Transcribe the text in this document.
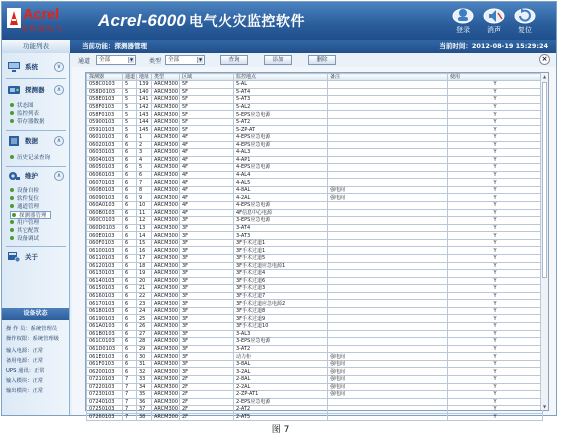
Acrel
安科瑞电气 Acrel-6000 电气火灾监控软件	登录	消声	复位
功能列表	当前功能：探测器管理	当前时间：2012-08-19 15:29:24
系统	∨
探测器	∧
状态图
监控列表
带存器数据
数据	∧
历史记录查询
维护	∧
设备自检
软件复位
通道管理
探测器管理
用户管理
其它配置
设备调试
关于
设备状态
操 作 员：系统管理员
操作权限：系统管理级
输入电源：正常
备用电源：正常
UPS 通讯：正常
输入模块：正常
输出模块：正常
通道	全部	▼	类型	全部	▼	查询	添加	删除	×
探测器	通道	地址	类型	区域	监控地点	备注	使用
058C0103	5	139	ARCM300	5F	5-AL		Y
058D0103	5	140	ARCM300	5F	5-AT4		Y
058E0103	5	141	ARCM300	5F	5-AT3		Y
058F0103	5	142	ARCM300	5F	5-AL2		Y
058F0103	5	143	ARCM300	5F	5-EPS应急电源		Y
05900103	5	144	ARCM300	5F	5-AT2		Y
05910103	5	145	ARCM300	5F	5-ZP-AT		Y
06010103	6	1	ARCM300	4F	4-EPS应急电源		Y
06020103	6	2	ARCM300	4F	4-EPS应急电源		Y
06030103	6	3	ARCM300	4F	4-AL3		Y
06040103	6	4	ARCM300	4F	4-AP1		Y
06050103	6	5	ARCM300	4F	4-EPS应急电源		Y
06060103	6	6	ARCM300	4F	4-AL4		Y
06070103	6	7	ARCM300	4F	4-AL5		Y
06080103	6	8	ARCM300	4F	4-8AL	强电间	Y
06090103	6	9	ARCM300	4F	4-2AL	强电间	Y
060A0103	6	10	ARCM300	4F	4-EPS应急电源		Y
060B0103	6	11	ARCM300	4F	4F信息中心电源		Y
060C0103	6	12	ARCM300	3F	3-EPS应急电源		Y
060D0103	6	13	ARCM300	3F	3-AT4		Y
060E0103	6	14	ARCM300	3F	3-AT3		Y
060F0103	6	15	ARCM300	3F	3F手术过道1		Y
06100103	6	16	ARCM300	3F	3F手术过道1		Y
06110103	6	17	ARCM300	3F	3F手术过道5		Y
06120103	6	18	ARCM300	3F	3F手术过道应急电源1		Y
06130103	6	19	ARCM300	3F	3F手术过道4		Y
06140103	6	20	ARCM300	3F	3F手术过道6		Y
06150103	6	21	ARCM300	3F	3F手术过道3		Y
06160103	6	22	ARCM300	3F	3F手术过道7		Y
06170103	6	23	ARCM300	3F	3F手术过道应急电源2		Y
06180103	6	24	ARCM300	3F	3F手术过道8		Y
06190103	6	25	ARCM300	3F	3F手术过道9		Y
061A0103	6	26	ARCM300	3F	3F手术过道10		Y
061B0103	6	27	ARCM300	3F	3-AL3		Y
061C0103	6	28	ARCM300	3F	3-EPS应急电源		Y
061D0103	6	29	ARCM300	3F	3-AT2		Y
061E0103	6	30	ARCM300	3F	动力柜	强电间	Y
061F0103	6	31	ARCM300	3F	3-8AL	强电间	Y
06200103	6	32	ARCM300	3F	3-2AL	强电间	Y
07210103	7	33	ARCM300	2F	2-8AL	强电间	Y
07220103	7	34	ARCM300	2F	2-2AL	强电间	Y
07230103	7	35	ARCM300	2F	2-ZP-AT1	强电间	Y
07240103	7	36	ARCM300	2F	2-EPS应急电源		Y
07250103	7	37	ARCM300	2F	2-AT2		Y
07260103	7	38	ARCM300	2F	2-AT5		Y
▲
▼
图 7
